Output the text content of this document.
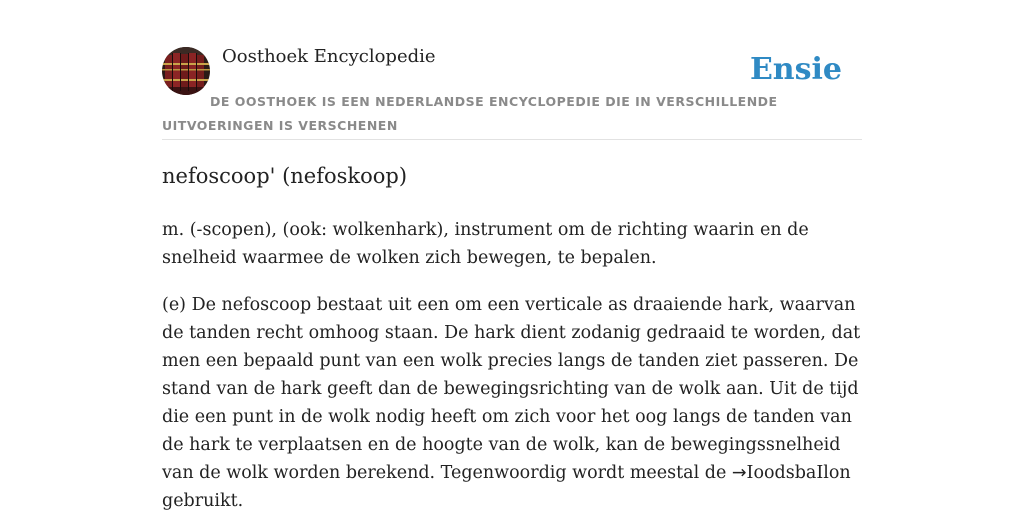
Oosthoek Encyclopedie	Ensie
DE OOSTHOEK IS EEN NEDERLANDSE ENCYCLOPEDIE DIE IN VERSCHILLENDE UITVOERINGEN IS VERSCHENEN
nefoscoop' (nefoskoop)

m. (-scopen), (ook: wolkenhark), instrument om de richting waarin en de snelheid waarmee de wolken zich bewegen, te bepalen.

(e) De nefoscoop bestaat uit een om een verticale as draaiende hark, waarvan de tanden recht omhoog staan. De hark dient zodanig gedraaid te worden, dat men een bepaald punt van een wolk precies langs de tanden ziet passeren. De stand van de hark geeft dan de bewegingsrichting van de wolk aan. Uit de tijd die een punt in de wolk nodig heeft om zich voor het oog langs de tanden van de hark te verplaatsen en de hoogte van de wolk, kan de bewegingssnelheid van de wolk worden berekend. Tegenwoordig wordt meestal de →IoodsbaIlon gebruikt.
